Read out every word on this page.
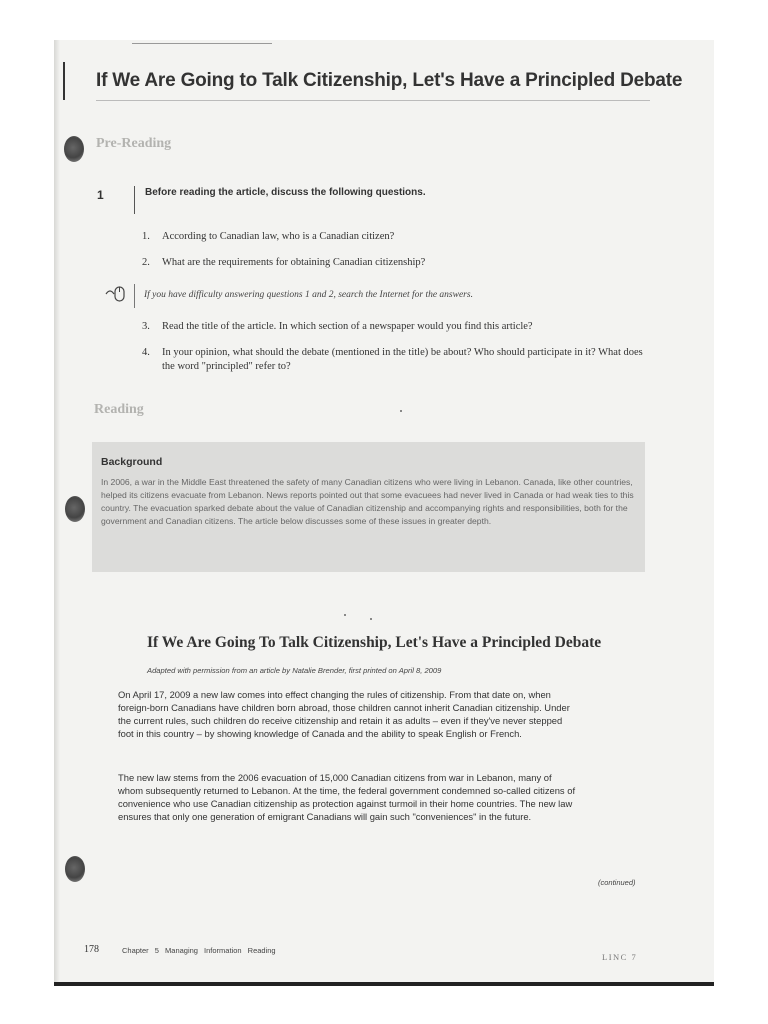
If We Are Going to Talk Citizenship, Let's Have a Principled Debate
Pre-Reading
1	Before reading the article, discuss the following questions.
1. According to Canadian law, who is a Canadian citizen?
2. What are the requirements for obtaining Canadian citizenship?
If you have difficulty answering questions 1 and 2, search the Internet for the answers.
3. Read the title of the article. In which section of a newspaper would you find this article?
4. In your opinion, what should the debate (mentioned in the title) be about? Who should participate in it? What does the word "principled" refer to?
Reading
Background
In 2006, a war in the Middle East threatened the safety of many Canadian citizens who were living in Lebanon. Canada, like other countries, helped its citizens evacuate from Lebanon. News reports pointed out that some evacuees had never lived in Canada or had weak ties to this country. The evacuation sparked debate about the value of Canadian citizenship and accompanying rights and responsibilities, both for the government and Canadian citizens. The article below discusses some of these issues in greater depth.
If We Are Going To Talk Citizenship, Let's Have a Principled Debate
Adapted with permission from an article by Natalie Brender, first printed on April 8, 2009

On April 17, 2009 a new law comes into effect changing the rules of citizenship. From that date on, when foreign-born Canadians have children born abroad, those children cannot inherit Canadian citizenship. Under the current rules, such children do receive citizenship and retain it as adults – even if they've never stepped foot in this country – by showing knowledge of Canada and the ability to speak English or French.

The new law stems from the 2006 evacuation of 15,000 Canadian citizens from war in Lebanon, many of whom subsequently returned to Lebanon. At the time, the federal government condemned so-called citizens of convenience who use Canadian citizenship as protection against turmoil in their home countries. The new law ensures that only one generation of emigrant Canadians will gain such "conveniences" in the future.

(continued)
178	Chapter 5 Managing Information Reading
LINC 7
